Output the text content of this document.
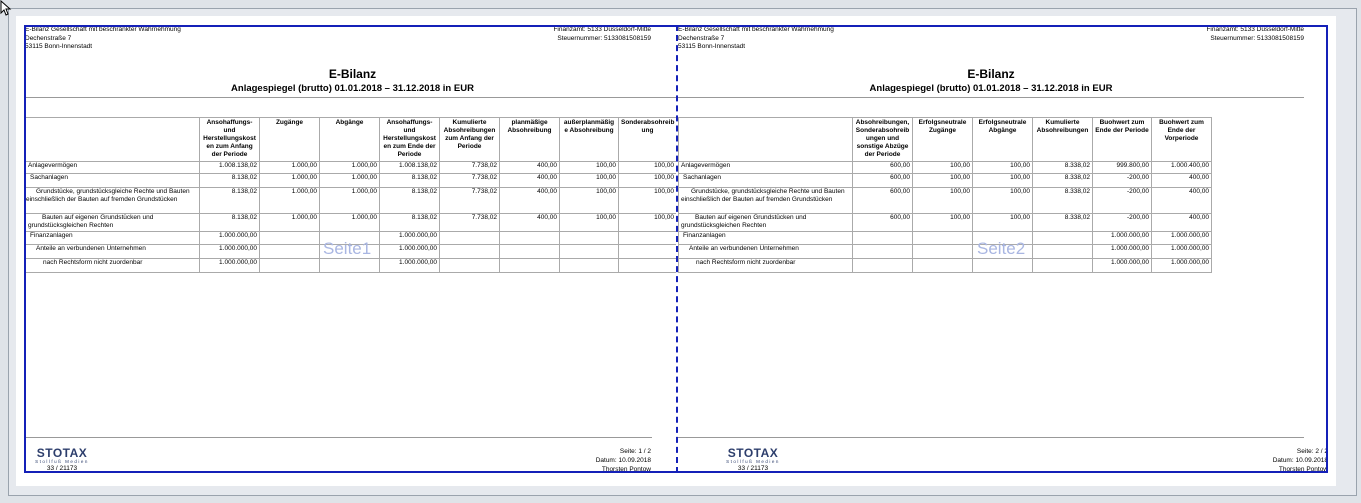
E-Bilanz Gesellschaft mit beschränkter Wahrnehmung
Dechenstraße 7
53115 Bonn-Innenstadt
Finanzamt: 5133 Düsseldorf-Mitte
Steuernummer: 5133081508159
E-Bilanz
Anlagespiegel (brutto) 01.01.2018 – 31.12.2018 in EUR
	Ansohaffungs- und Herstellungskost en zum Anfang der Periode	Zugänge	Abgänge	Ansohaffungs- und Herstellungskost en zum Ende der Periode	Kumulierte Absohreibungen zum Anfang der Periode	planmäßige Absohreibung	außerplanmäßig e Absohreibung	Sonderabsohreib ung
Anlagevermögen	1.008.138,02	1.000,00	1.000,00	1.008.138,02	7.738,02	400,00	100,00	100,00
Sachanlagen	8.138,02	1.000,00	1.000,00	8.138,02	7.738,02	400,00	100,00	100,00
Grundstücke, grundstücksgleiche Rechte und Bauten einschließlich der Bauten auf fremden Grundstücken	8.138,02	1.000,00	1.000,00	8.138,02	7.738,02	400,00	100,00	100,00
Bauten auf eigenen Grundstücken und grundstücksgleichen Rechten	8.138,02	1.000,00	1.000,00	8.138,02	7.738,02	400,00	100,00	100,00
Finanzanlagen	1.000.000,00			1.000.000,00				
Anteile an verbundenen Unternehmen	1.000.000,00			1.000.000,00				
nach Rechtsform nicht zuordenbar	1.000.000,00			1.000.000,00				
Seite1
STOTAX
Stollfuß Medien
33 / 21173
Seite: 1 / 2
Datum: 10.09.2018
Thorsten Pontow
E-Bilanz Gesellschaft mit beschränkter Wahrnehmung
Dechenstraße 7
53115 Bonn-Innenstadt
Finanzamt: 5133 Düsseldorf-Mitte
Steuernummer: 5133081508159
E-Bilanz
Anlagespiegel (brutto) 01.01.2018 – 31.12.2018 in EUR
	Absohreibungen, Sonderabsohreib ungen und sonstige Abzüge der Periode	Erfolgsneutrale Zugänge	Erfolgsneutrale Abgänge	Kumulierte Absohreibungen	Buohwert zum Ende der Periode	Buohwert zum Ende der Vorperiode
Anlagevermögen	600,00	100,00	100,00	8.338,02	999.800,00	1.000.400,00
Sachanlagen	600,00	100,00	100,00	8.338,02	-200,00	400,00
Grundstücke, grundstücksgleiche Rechte und Bauten einschließlich der Bauten auf fremden Grundstücken	600,00	100,00	100,00	8.338,02	-200,00	400,00
Bauten auf eigenen Grundstücken und grundstücksgleichen Rechten	600,00	100,00	100,00	8.338,02	-200,00	400,00
Finanzanlagen					1.000.000,00	1.000.000,00
Anteile an verbundenen Unternehmen					1.000.000,00	1.000.000,00
nach Rechtsform nicht zuordenbar					1.000.000,00	1.000.000,00
Seite2
STOTAX
Stollfuß Medien
33 / 21173
Seite: 2 / 2
Datum: 10.09.2018
Thorsten Pontow
